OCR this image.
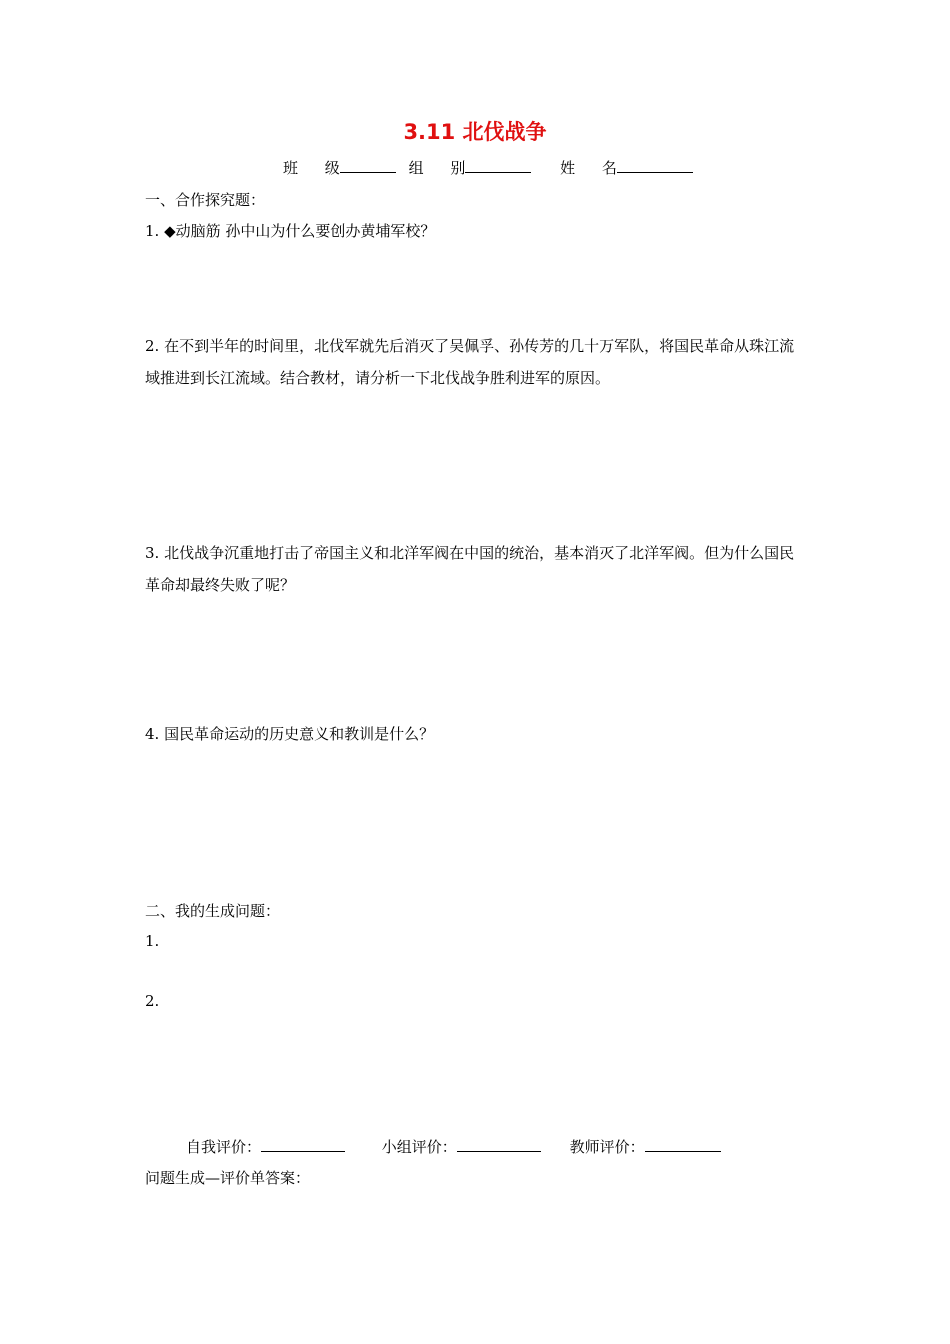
3.11 北伐战争
班 级	组 别	姓 名
一、合作探究题：
1. ◆动脑筋 孙中山为什么要创办黄埔军校？
2. 在不到半年的时间里，北伐军就先后消灭了吴佩孚、孙传芳的几十万军队，将国民革命从珠江流域推进到长江流域。结合教材，请分析一下北伐战争胜利进军的原因。
3. 北伐战争沉重地打击了帝国主义和北洋军阀在中国的统治，基本消灭了北洋军阀。但为什么国民革命却最终失败了呢？
4. 国民革命运动的历史意义和教训是什么？
二、我的生成问题：
1.
2.
自我评价：	小组评价：	教师评价：
问题生成—评价单答案：
